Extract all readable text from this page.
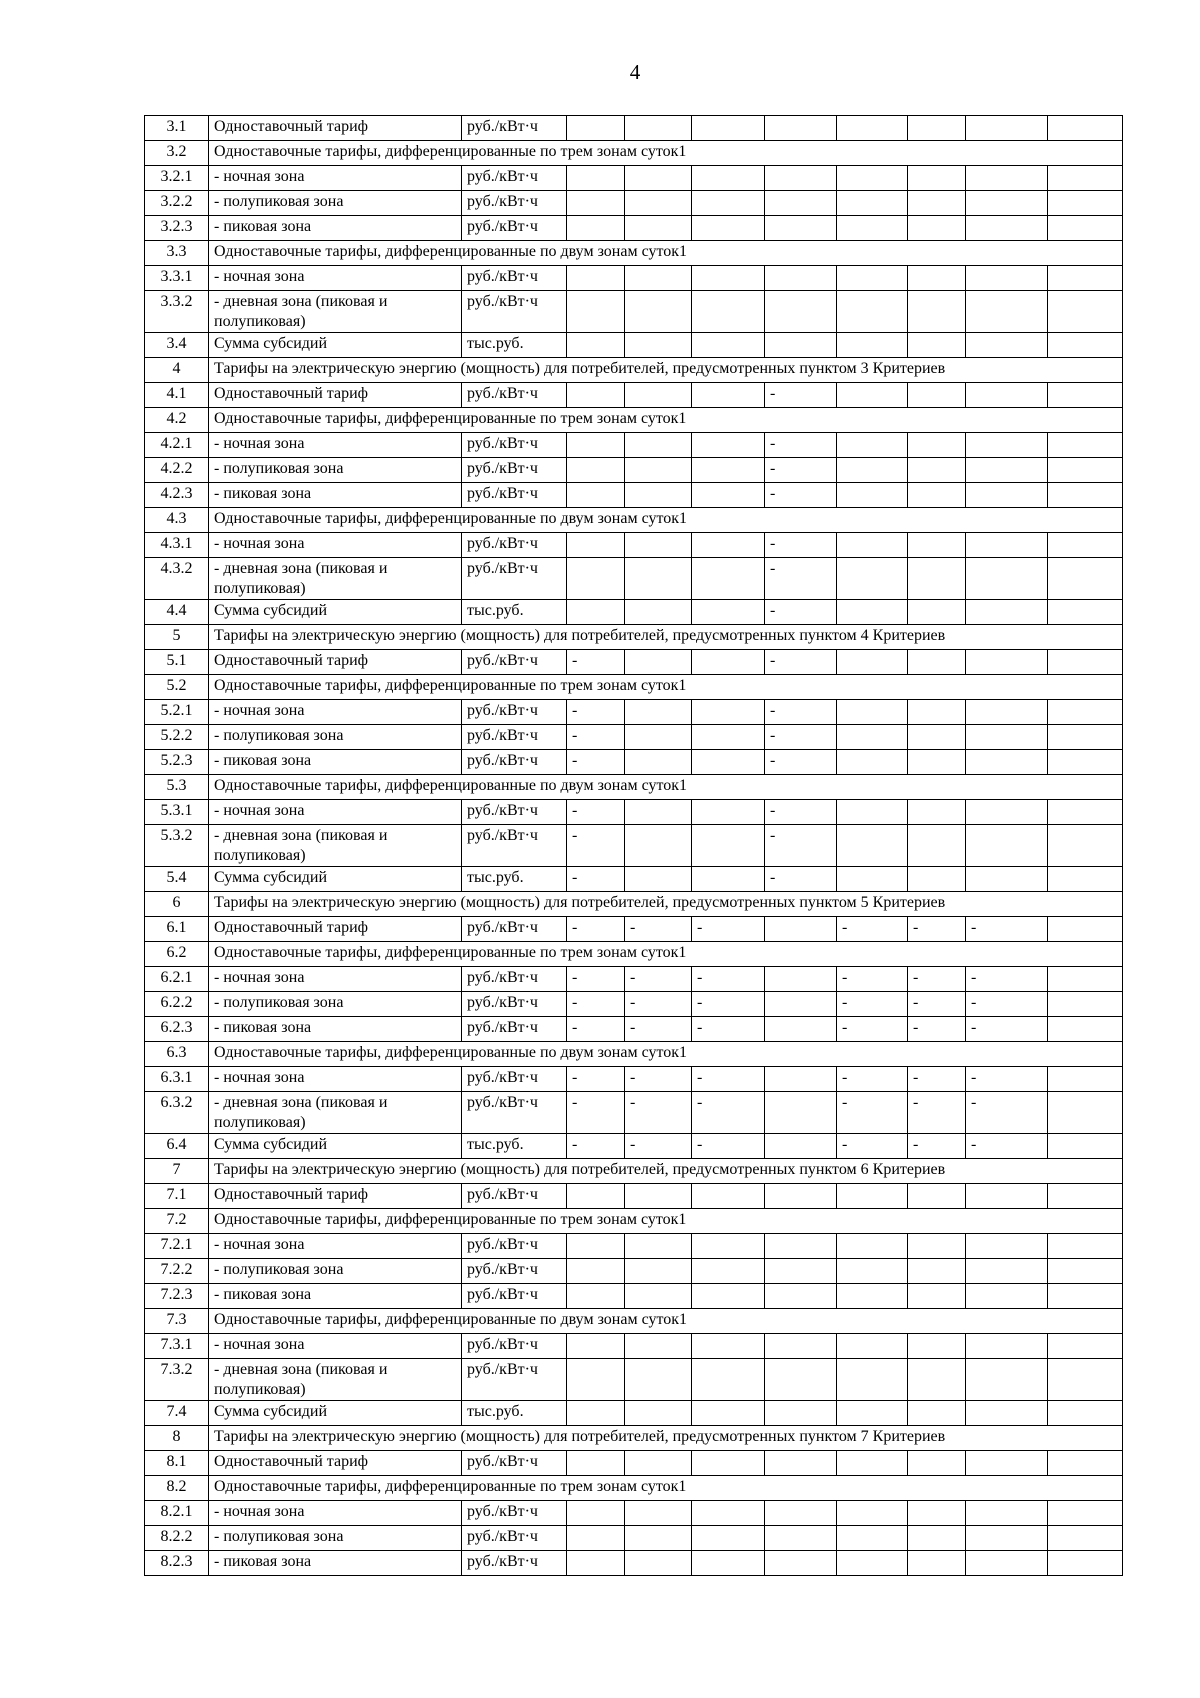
4
3.1	Одноставочный тариф	руб./кВт·ч								
3.2	Одноставочные тарифы, дифференцированные по трем зонам суток1									
3.2.1	- ночная зона	руб./кВт·ч								
3.2.2	- полупиковая зона	руб./кВт·ч								
3.2.3	- пиковая зона	руб./кВт·ч								
3.3	Одноставочные тарифы, дифференцированные по двум зонам суток1									
3.3.1	- ночная зона	руб./кВт·ч								
3.3.2	- дневная зона (пиковая и полупиковая)	руб./кВт·ч								
3.4	Сумма субсидий	тыс.руб.								
4	Тарифы на электрическую энергию (мощность) для потребителей, предусмотренных пунктом 3 Критериев									
4.1	Одноставочный тариф	руб./кВт·ч				-				
4.2	Одноставочные тарифы, дифференцированные по трем зонам суток1									
4.2.1	- ночная зона	руб./кВт·ч				-				
4.2.2	- полупиковая зона	руб./кВт·ч				-				
4.2.3	- пиковая зона	руб./кВт·ч				-				
4.3	Одноставочные тарифы, дифференцированные по двум зонам суток1									
4.3.1	- ночная зона	руб./кВт·ч				-				
4.3.2	- дневная зона (пиковая и полупиковая)	руб./кВт·ч				-				
4.4	Сумма субсидий	тыс.руб.				-				
5	Тарифы на электрическую энергию (мощность) для потребителей, предусмотренных пунктом 4 Критериев									
5.1	Одноставочный тариф	руб./кВт·ч	-			-				
5.2	Одноставочные тарифы, дифференцированные по трем зонам суток1									
5.2.1	- ночная зона	руб./кВт·ч	-			-				
5.2.2	- полупиковая зона	руб./кВт·ч	-			-				
5.2.3	- пиковая зона	руб./кВт·ч	-			-				
5.3	Одноставочные тарифы, дифференцированные по двум зонам суток1									
5.3.1	- ночная зона	руб./кВт·ч	-			-				
5.3.2	- дневная зона (пиковая и полупиковая)	руб./кВт·ч	-			-				
5.4	Сумма субсидий	тыс.руб.	-			-				
6	Тарифы на электрическую энергию (мощность) для потребителей, предусмотренных пунктом 5 Критериев									
6.1	Одноставочный тариф	руб./кВт·ч	-	-	-		-	-	-	
6.2	Одноставочные тарифы, дифференцированные по трем зонам суток1									
6.2.1	- ночная зона	руб./кВт·ч	-	-	-		-	-	-	
6.2.2	- полупиковая зона	руб./кВт·ч	-	-	-		-	-	-	
6.2.3	- пиковая зона	руб./кВт·ч	-	-	-		-	-	-	
6.3	Одноставочные тарифы, дифференцированные по двум зонам суток1									
6.3.1	- ночная зона	руб./кВт·ч	-	-	-		-	-	-	
6.3.2	- дневная зона (пиковая и полупиковая)	руб./кВт·ч	-	-	-		-	-	-	
6.4	Сумма субсидий	тыс.руб.	-	-	-		-	-	-	
7	Тарифы на электрическую энергию (мощность) для потребителей, предусмотренных пунктом 6 Критериев									
7.1	Одноставочный тариф	руб./кВт·ч								
7.2	Одноставочные тарифы, дифференцированные по трем зонам суток1									
7.2.1	- ночная зона	руб./кВт·ч								
7.2.2	- полупиковая зона	руб./кВт·ч								
7.2.3	- пиковая зона	руб./кВт·ч								
7.3	Одноставочные тарифы, дифференцированные по двум зонам суток1									
7.3.1	- ночная зона	руб./кВт·ч								
7.3.2	- дневная зона (пиковая и полупиковая)	руб./кВт·ч								
7.4	Сумма субсидий	тыс.руб.								
8	Тарифы на электрическую энергию (мощность) для потребителей, предусмотренных пунктом 7 Критериев									
8.1	Одноставочный тариф	руб./кВт·ч								
8.2	Одноставочные тарифы, дифференцированные по трем зонам суток1									
8.2.1	- ночная зона	руб./кВт·ч								
8.2.2	- полупиковая зона	руб./кВт·ч								
8.2.3	- пиковая зона	руб./кВт·ч								
